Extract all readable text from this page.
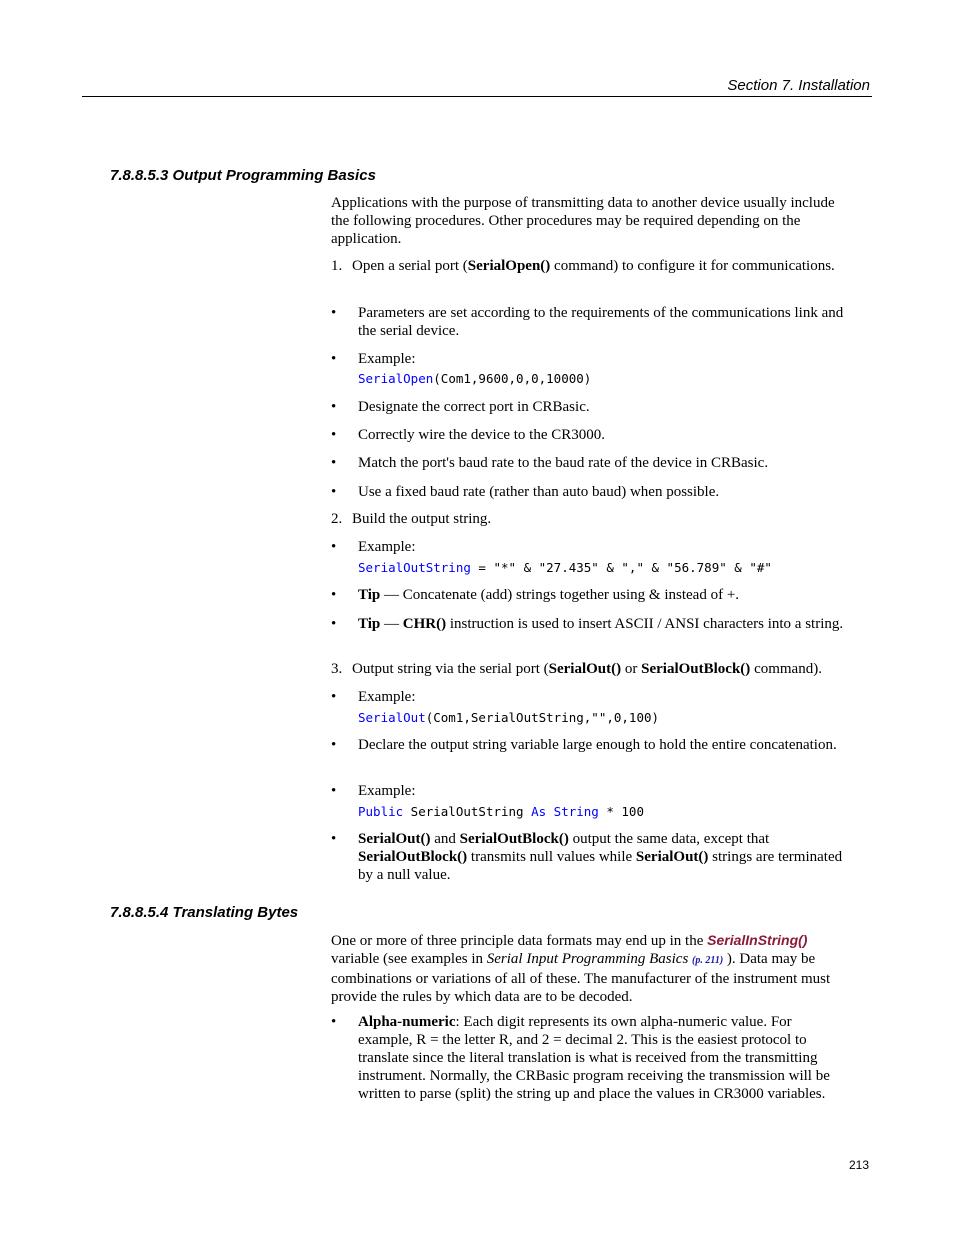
Section 7. Installation
7.8.8.5.3 Output Programming Basics
Applications with the purpose of transmitting data to another device usually include the following procedures. Other procedures may be required depending on the application.
1. Open a serial port (SerialOpen() command) to configure it for communications.
• Parameters are set according to the requirements of the communications link and the serial device.
• Example:
SerialOpen(Com1,9600,0,0,10000)
• Designate the correct port in CRBasic.
• Correctly wire the device to the CR3000.
• Match the port's baud rate to the baud rate of the device in CRBasic.
• Use a fixed baud rate (rather than auto baud) when possible.
2. Build the output string.
• Example:
SerialOutString = "*" & "27.435" & "," & "56.789" & "#"
• Tip — Concatenate (add) strings together using & instead of +.
• Tip — CHR() instruction is used to insert ASCII / ANSI characters into a string.
3. Output string via the serial port (SerialOut() or SerialOutBlock() command).
• Example:
SerialOut(Com1,SerialOutString,"",0,100)
• Declare the output string variable large enough to hold the entire concatenation.
• Example:
Public SerialOutString As String * 100
• SerialOut() and SerialOutBlock() output the same data, except that SerialOutBlock() transmits null values while SerialOut() strings are terminated by a null value.
7.8.8.5.4 Translating Bytes
One or more of three principle data formats may end up in the SerialInString() variable (see examples in Serial Input Programming Basics (p. 211) ). Data may be combinations or variations of all of these. The manufacturer of the instrument must provide the rules by which data are to be decoded.
• Alpha-numeric: Each digit represents its own alpha-numeric value. For example, R = the letter R, and 2 = decimal 2. This is the easiest protocol to translate since the literal translation is what is received from the transmitting instrument. Normally, the CRBasic program receiving the transmission will be written to parse (split) the string up and place the values in CR3000 variables.
213
